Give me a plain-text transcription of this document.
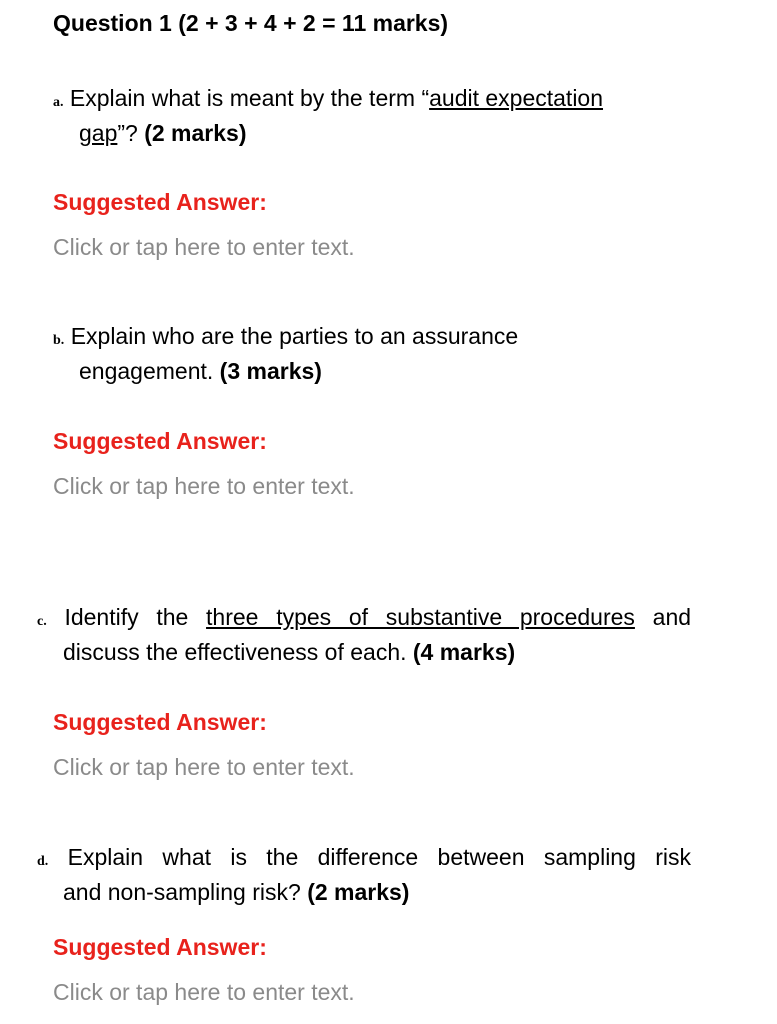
Question 1 (2 + 3 + 4 + 2 = 11 marks)
a. Explain what is meant by the term “audit expectation
gap”? (2 marks)
Suggested Answer:
Click or tap here to enter text.
b. Explain who are the parties to an assurance
engagement. (3 marks)
Suggested Answer:
Click or tap here to enter text.
c. Identify the three types of substantive procedures and
discuss the effectiveness of each. (4 marks)
Suggested Answer:
Click or tap here to enter text.
d. Explain what is the difference between sampling risk
and non-sampling risk? (2 marks)
Suggested Answer:
Click or tap here to enter text.
